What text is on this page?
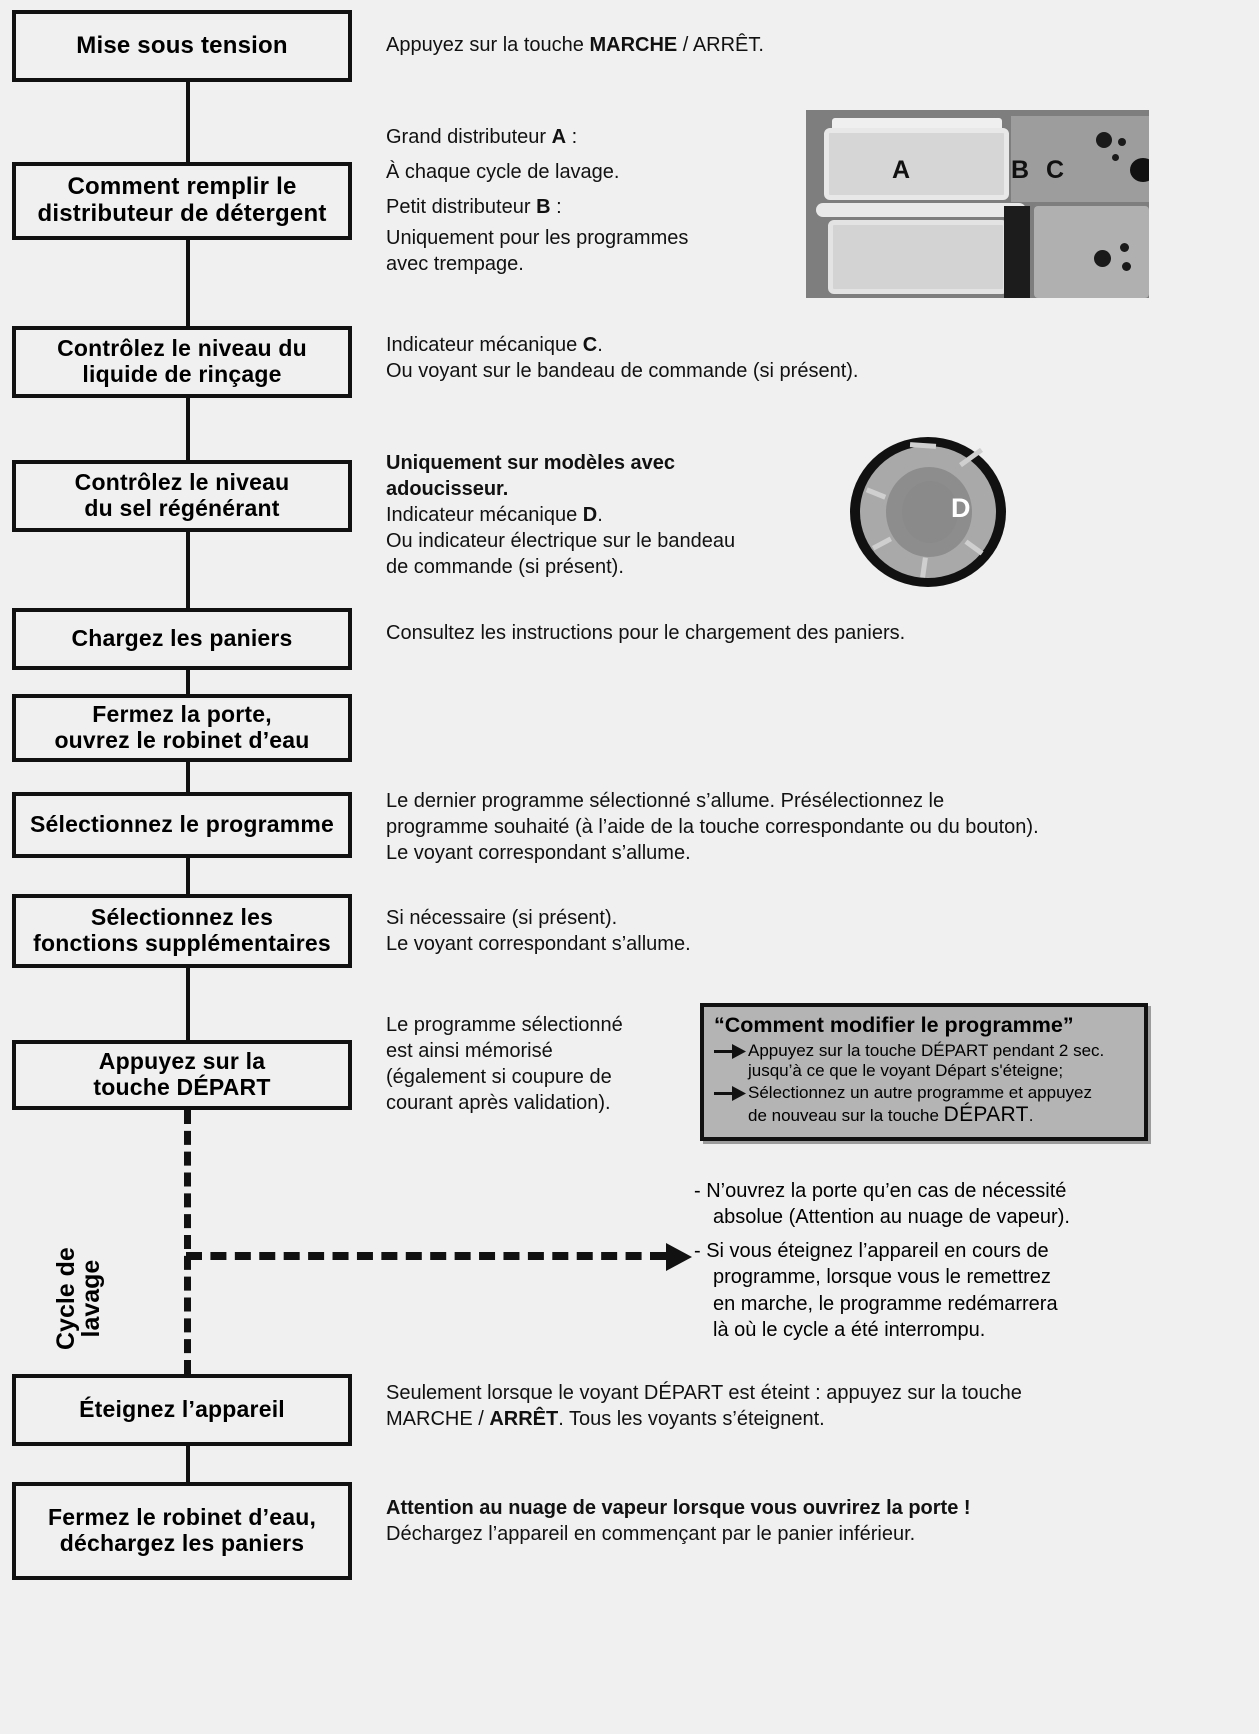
Mise sous tension
Comment remplir le
distributeur de détergent
Contrôlez le niveau du
liquide de rinçage
Contrôlez le niveau
du sel régénérant
Chargez les paniers
Fermez la porte,
ouvrez le robinet d’eau
Sélectionnez le programme
Sélectionnez les
fonctions supplémentaires
Appuyez sur la
touche DÉPART
Éteignez l’appareil
Fermez le robinet d’eau,
déchargez les paniers
Cycle de
lavage

Appuyez sur la touche MARCHE / ARRÊT.

Grand distributeur A :

À chaque cycle de lavage.

Petit distributeur B :

Uniquement pour les programmes

avec trempage.

Indicateur mécanique C.

Ou voyant sur le bandeau de commande (si présent).

Uniquement sur modèles avec

adoucisseur.

Indicateur mécanique D.

Ou indicateur électrique sur le bandeau

de commande (si présent).

Consultez les instructions pour le chargement des paniers.

Le dernier programme sélectionné s’allume. Présélectionnez le

programme souhaité (à l’aide de la touche correspondante ou du bouton).

Le voyant correspondant s’allume.

Si nécessaire (si présent).

Le voyant correspondant s’allume.

Le programme sélectionné

est ainsi mémorisé

(également si coupure de

courant après validation).

Seulement lorsque le voyant DÉPART est éteint : appuyez sur la touche

MARCHE / ARRÊT. Tous les voyants s’éteignent.

Attention au nuage de vapeur lorsque vous ouvrirez la porte !

Déchargez l’appareil en commençant par le panier inférieur.

“Comment modifier le programme”

Appuyez sur la touche DÉPART pendant 2 sec.
jusqu’à ce que le voyant Départ s'éteigne;
Sélectionnez un autre programme et appuyez
de nouveau sur la touche DÉPART.
- N’ouvrez la porte qu’en cas de nécessité
absolue (Attention au nuage de vapeur).
- Si vous éteignez l’appareil en cours de
programme, lorsque vous le remettrez
en marche, le programme redémarrera
là où le cycle a été interrompu.
A	B C
D
